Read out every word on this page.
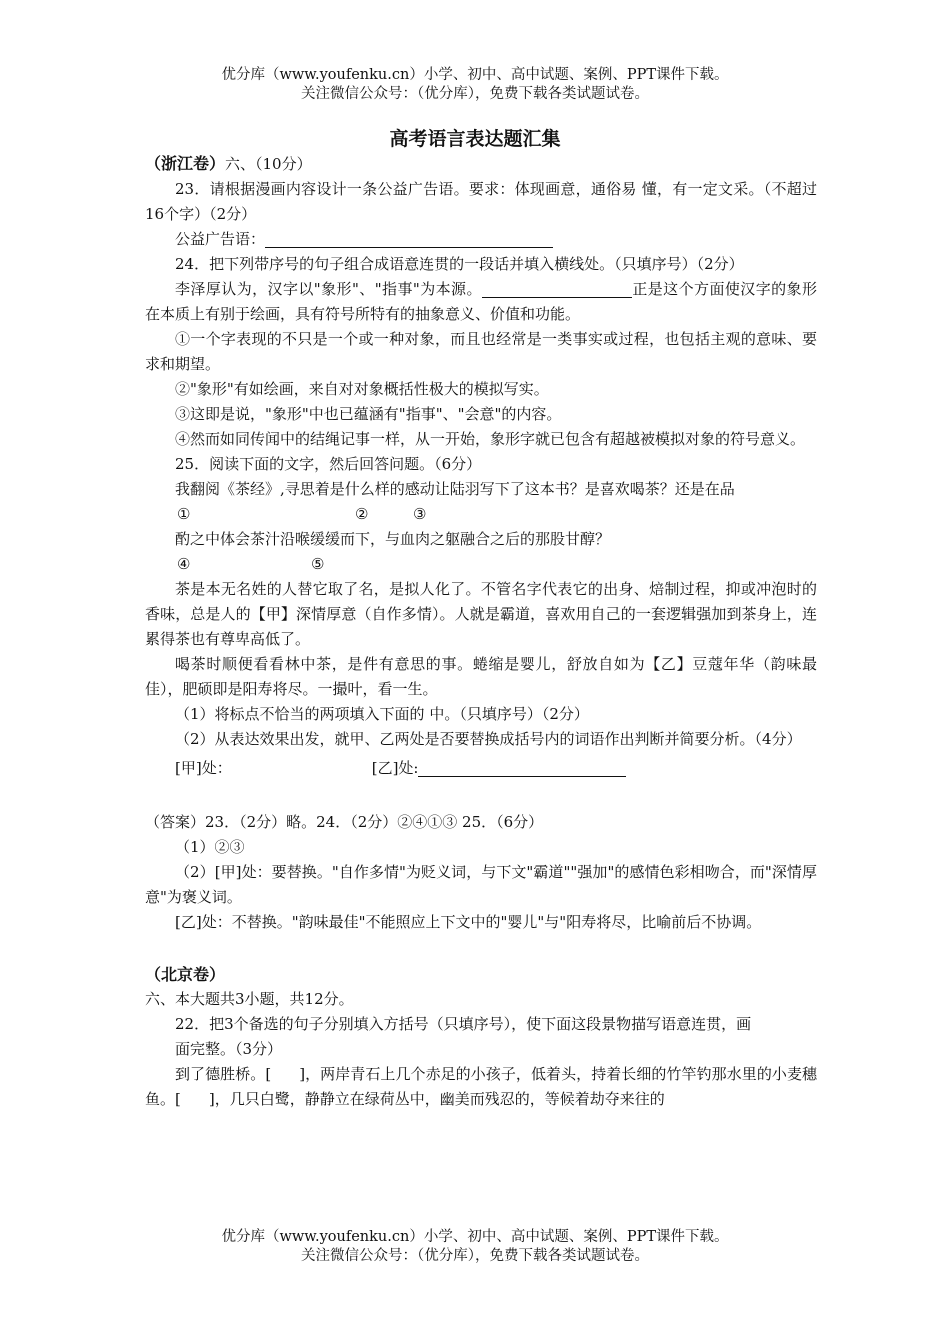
优分库（www.youfenku.cn）小学、初中、高中试题、案例、PPT课件下载。
关注微信公众号：（优分库），免费下载各类试题试卷。
高考语言表达题汇集

（浙江卷）六、（10分）

23．请根据漫画内容设计一条公益广告语。要求：体现画意，通俗易 懂，有一定文采。（不超过16个字）（2分）

公益广告语：

24．把下列带序号的句子组合成语意连贯的一段话并填入横线处。（只填序号）（2分）

李泽厚认为，汉字以"象形"、"指事"为本源。	正是这个方面使汉字的象形在本质上有别于绘画，具有符号所特有的抽象意义、价值和功能。

①一个字表现的不只是一个或一种对象，而且也经常是一类事实或过程，也包括主观的意味、要求和期望。

②"象形"有如绘画，来自对对象概括性极大的模拟写实。

③这即是说，"象形"中也已蕴涵有"指事"、"会意"的内容。

④然而如同传闻中的结绳记事一样，从一开始，象形字就已包含有超越被模拟对象的符号意义。

25．阅读下面的文字，然后回答问题。（6分）

我翻阅《茶经》,寻思着是什么样的感动让陆羽写下了这本书？是喜欢喝茶？还是在品

①	②	③

酌之中体会茶汁沿喉缓缓而下，与血肉之躯融合之后的那股甘醇？

④	⑤

茶是本无名姓的人替它取了名，是拟人化了。不管名字代表它的出身、焙制过程，抑或冲泡时的香味，总是人的【甲】深情厚意（自作多情）。人就是霸道，喜欢用自己的一套逻辑强加到茶身上，连累得茶也有尊卑高低了。

喝茶时顺便看看林中茶，是件有意思的事。蜷缩是婴儿，舒放自如为【乙】豆蔻年华（韵味最佳），肥硕即是阳寿将尽。一撮叶，看一生。

（1）将标点不恰当的两项填入下面的 中。（只填序号）（2分）

（2）从表达效果出发，就甲、乙两处是否要替换成括号内的词语作出判断并简要分析。（4分）

[甲]处：	[乙]处:

（答案）23．（2分）略。24．（2分）②④①③ 25．（6分）

（1）②③

（2）[甲]处：要替换。"自作多情"为贬义词，与下文"霸道""强加"的感情色彩相吻合，而"深情厚意"为褒义词。

[乙]处：不替换。"韵味最佳"不能照应上下文中的"婴儿"与"阳寿将尽，比喻前后不协调。

（北京卷）

六、本大题共3小题，共12分。

22．把3个备选的句子分别填入方括号（只填序号），使下面这段景物描写语意连贯，画

面完整。（3分）

到了德胜桥。[ ]，两岸青石上几个赤足的小孩子，低着头，持着长细的竹竿钓那水里的小麦穗鱼。[ ]，几只白鹭，静静立在绿荷丛中，幽美而残忍的，等候着劫夺来往的

优分库（www.youfenku.cn）小学、初中、高中试题、案例、PPT课件下载。
关注微信公众号：（优分库），免费下载各类试题试卷。
